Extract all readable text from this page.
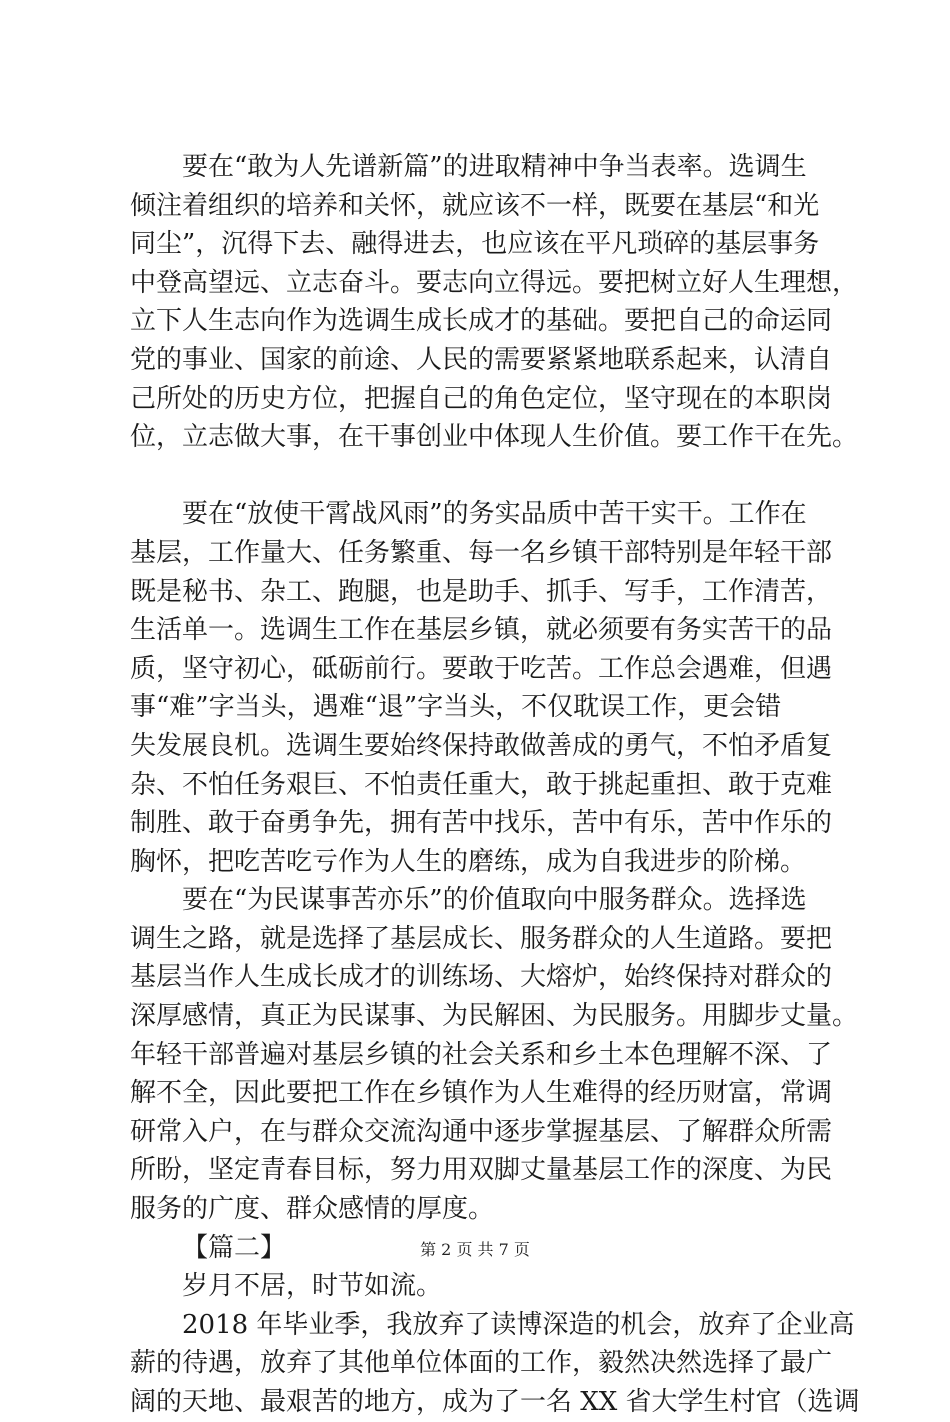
要在“敢为人先谱新篇”的进取精神中争当表率。选调生
倾注着组织的培养和关怀，就应该不一样，既要在基层“和光
同尘”，沉得下去、融得进去，也应该在平凡琐碎的基层事务
中登高望远、立志奋斗。要志向立得远。要把树立好人生理想，
立下人生志向作为选调生成长成才的基础。要把自己的命运同
党的事业、国家的前途、人民的需要紧紧地联系起来，认清自
己所处的历史方位，把握自己的角色定位，坚守现在的本职岗
位，立志做大事，在干事创业中体现人生价值。要工作干在先。
要在“放使干霄战风雨”的务实品质中苦干实干。工作在
基层，工作量大、任务繁重、每一名乡镇干部特别是年轻干部
既是秘书、杂工、跑腿，也是助手、抓手、写手，工作清苦，
生活单一。选调生工作在基层乡镇，就必须要有务实苦干的品
质，坚守初心，砥砺前行。要敢于吃苦。工作总会遇难，但遇
事“难”字当头，遇难“退”字当头，不仅耽误工作，更会错
失发展良机。选调生要始终保持敢做善成的勇气，不怕矛盾复
杂、不怕任务艰巨、不怕责任重大，敢于挑起重担、敢于克难
制胜、敢于奋勇争先，拥有苦中找乐，苦中有乐，苦中作乐的
胸怀，把吃苦吃亏作为人生的磨练，成为自我进步的阶梯。
要在“为民谋事苦亦乐”的价值取向中服务群众。选择选
调生之路，就是选择了基层成长、服务群众的人生道路。要把
基层当作人生成长成才的训练场、大熔炉，始终保持对群众的
深厚感情，真正为民谋事、为民解困、为民服务。用脚步丈量。
年轻干部普遍对基层乡镇的社会关系和乡土本色理解不深、了
解不全，因此要把工作在乡镇作为人生难得的经历财富，常调
研常入户，在与群众交流沟通中逐步掌握基层、了解群众所需
所盼，坚定青春目标，努力用双脚丈量基层工作的深度、为民
服务的广度、群众感情的厚度。
【篇二】
岁月不居，时节如流。
2018 年毕业季，我放弃了读博深造的机会，放弃了企业高
薪的待遇，放弃了其他单位体面的工作，毅然决然选择了最广
阔的天地、最艰苦的地方，成为了一名 XX 省大学生村官（选调
第 2 页 共 7 页
